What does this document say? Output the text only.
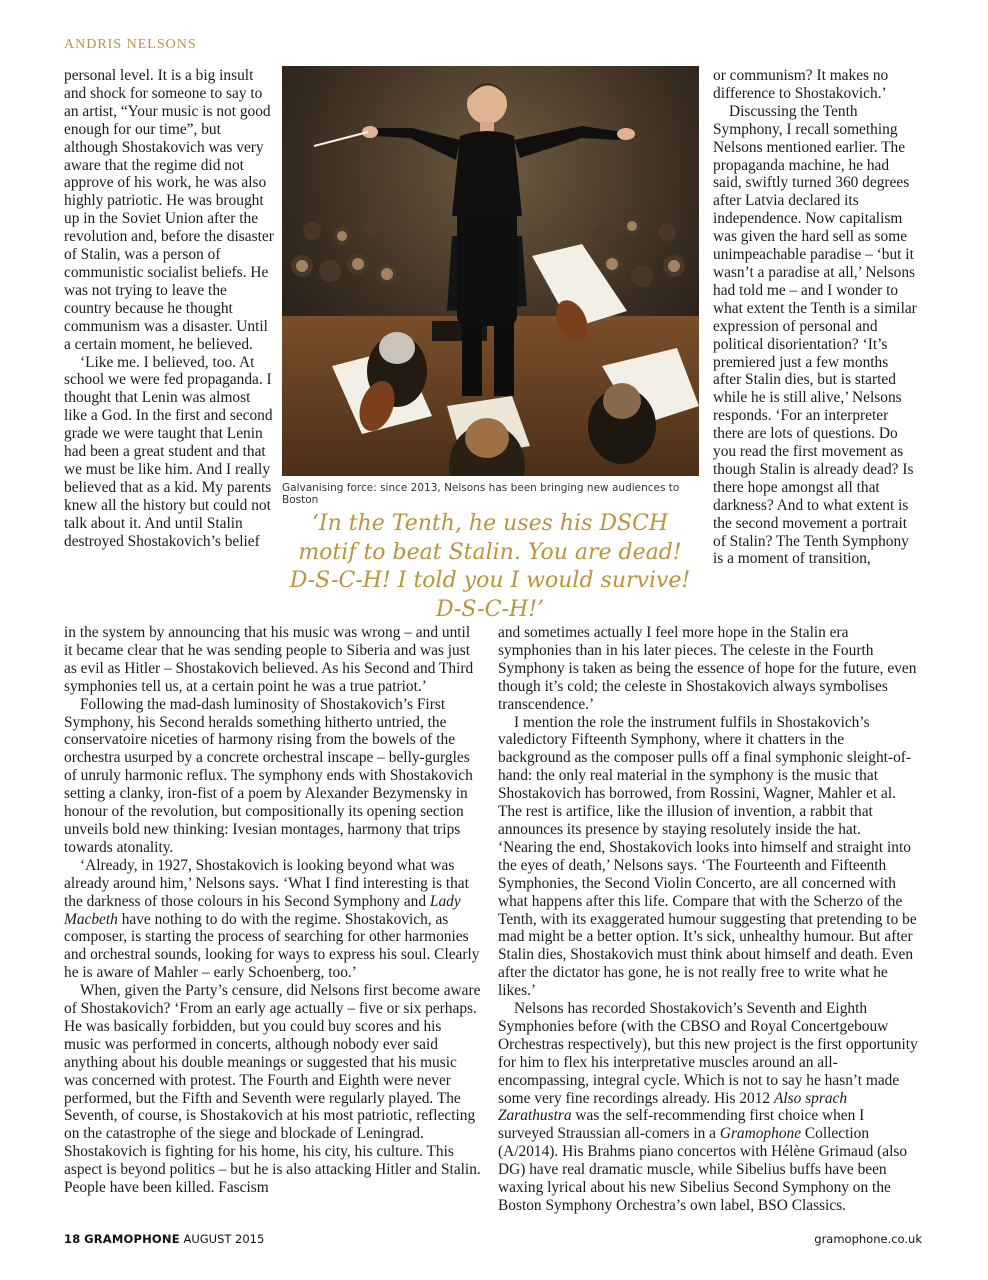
ANDRIS NELSONS

personal level. It is a big insult and shock for someone to say to an artist, “Your music is not good enough for our time”, but although Shostakovich was very aware that the regime did not approve of his work, he was also highly patriotic. He was brought up in the Soviet Union after the revolution and, before the disaster of Stalin, was a person of communistic socialist beliefs. He was not trying to leave the country because he thought communism was a disaster. Until a certain moment, he believed.

‘Like me. I believed, too. At school we were fed propaganda. I thought that Lenin was almost like a God. In the first and second grade we were taught that Lenin had been a great student and that we must be like him. And I really believed that as a kid. My parents knew all the history but could not talk about it. And until Stalin destroyed Shostakovich’s belief

Galvanising force: since 2013, Nelsons has been bringing new audiences to Boston
‘In the Tenth, he uses his DSCH motif to beat Stalin. You are dead! D-S-C-H! I told you I would survive! D-S-C-H!’

or communism? It makes no difference to Shostakovich.’

Discussing the Tenth Symphony, I recall something Nelsons mentioned earlier. The propaganda machine, he had said, swiftly turned 360 degrees after Latvia declared its independence. Now capitalism was given the hard sell as some unimpeachable paradise – ‘but it wasn’t a paradise at all,’ Nelsons had told me – and I wonder to what extent the Tenth is a similar expression of personal and political disorientation? ‘It’s premiered just a few months after Stalin dies, but is started while he is still alive,’ Nelsons responds. ‘For an interpreter there are lots of questions. Do you read the first movement as though Stalin is already dead? Is there hope amongst all that darkness? And to what extent is the second movement a portrait of Stalin? The Tenth Symphony is a moment of transition,

in the system by announcing that his music was wrong – and until it became clear that he was sending people to Siberia and was just as evil as Hitler – Shostakovich believed. As his Second and Third symphonies tell us, at a certain point he was a true patriot.’

Following the mad-dash luminosity of Shostakovich’s First Symphony, his Second heralds something hitherto untried, the conservatoire niceties of harmony rising from the bowels of the orchestra usurped by a concrete orchestral inscape – belly-gurgles of unruly harmonic reflux. The symphony ends with Shostakovich setting a clanky, iron-fist of a poem by Alexander Bezymensky in honour of the revolution, but compositionally its opening section unveils bold new thinking: Ivesian montages, harmony that trips towards atonality.

‘Already, in 1927, Shostakovich is looking beyond what was already around him,’ Nelsons says. ‘What I find interesting is that the darkness of those colours in his Second Symphony and Lady Macbeth have nothing to do with the regime. Shostakovich, as composer, is starting the process of searching for other harmonies and orchestral sounds, looking for ways to express his soul. Clearly he is aware of Mahler – early Schoenberg, too.’

When, given the Party’s censure, did Nelsons first become aware of Shostakovich? ‘From an early age actually – five or six perhaps. He was basically forbidden, but you could buy scores and his music was performed in concerts, although nobody ever said anything about his double meanings or suggested that his music was concerned with protest. The Fourth and Eighth were never performed, but the Fifth and Seventh were regularly played. The Seventh, of course, is Shostakovich at his most patriotic, reflecting on the catastrophe of the siege and blockade of Leningrad. Shostakovich is fighting for his home, his city, his culture. This aspect is beyond politics – but he is also attacking Hitler and Stalin. People have been killed. Fascism

and sometimes actually I feel more hope in the Stalin era symphonies than in his later pieces. The celeste in the Fourth Symphony is taken as being the essence of hope for the future, even though it’s cold; the celeste in Shostakovich always symbolises transcendence.’

I mention the role the instrument fulfils in Shostakovich’s valedictory Fifteenth Symphony, where it chatters in the background as the composer pulls off a final symphonic sleight-of-hand: the only real material in the symphony is the music that Shostakovich has borrowed, from Rossini, Wagner, Mahler et al. The rest is artifice, like the illusion of invention, a rabbit that announces its presence by staying resolutely inside the hat. ‘Nearing the end, Shostakovich looks into himself and straight into the eyes of death,’ Nelsons says. ‘The Fourteenth and Fifteenth Symphonies, the Second Violin Concerto, are all concerned with what happens after this life. Compare that with the Scherzo of the Tenth, with its exaggerated humour suggesting that pretending to be mad might be a better option. It’s sick, unhealthy humour. But after Stalin dies, Shostakovich must think about himself and death. Even after the dictator has gone, he is not really free to write what he likes.’

Nelsons has recorded Shostakovich’s Seventh and Eighth Symphonies before (with the CBSO and Royal Concertgebouw Orchestras respectively), but this new project is the first opportunity for him to flex his interpretative muscles around an all-encompassing, integral cycle. Which is not to say he hasn’t made some very fine recordings already. His 2012 Also sprach Zarathustra was the self-recommending first choice when I surveyed Straussian all-comers in a Gramophone Collection (A/2014). His Brahms piano concertos with Hélène Grimaud (also DG) have real dramatic muscle, while Sibelius buffs have been waxing lyrical about his new Sibelius Second Symphony on the Boston Symphony Orchestra’s own label, BSO Classics.

18 GRAMOPHONE AUGUST 2015	gramophone.co.uk
